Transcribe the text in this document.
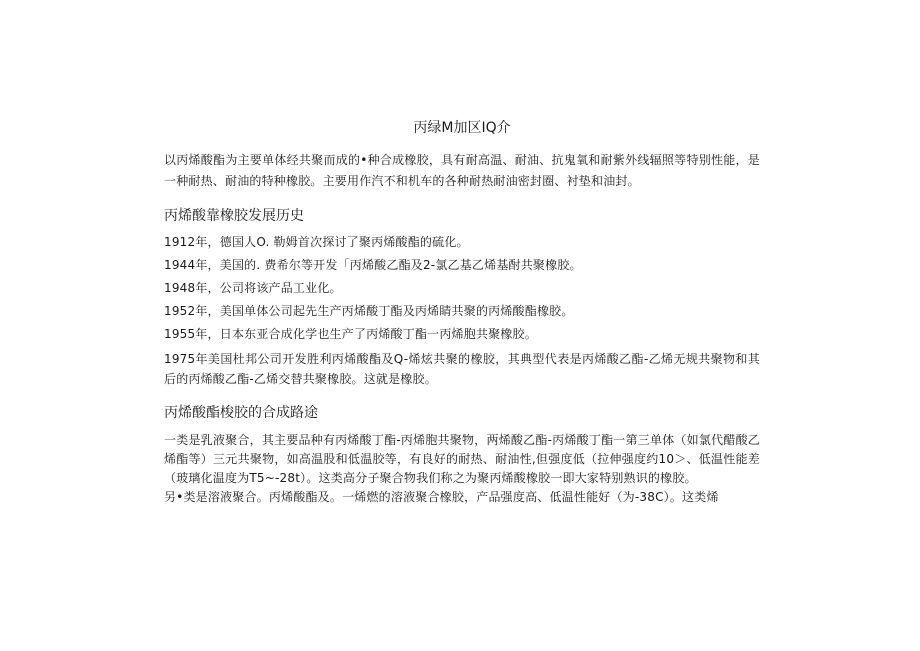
丙绿M加区IQ介

以丙烯酸酯为主要单体经共聚而成的•种合成橡胶，具有耐高温、耐油、抗鬼氧和耐紫外线辐照等特别性能，是一种耐热、耐油的特种橡胶。主要用作汽不和机车的各种耐热耐油密封圈、衬垫和油封。

丙烯酸靠橡胶发展历史

1912年，德国人O. 勒姆首次探讨了聚丙烯酸酯的硫化。

1944年，美国的. 费希尔等开发「丙烯酸乙酯及2-氯乙基乙烯基酎共聚橡胶。

1948年，公司将该产品工业化。

1952年，美国单体公司起先生产丙烯酸丁酯及丙烯睛共聚的丙烯酸酯橡胶。

1955年，日本东亚合成化学也生产了丙烯酸丁酯一丙烯胞共聚橡胶。

1975年美国杜邦公司开发胜利丙烯酸酯及Q-烯炫共聚的橡胶，其典型代表是丙烯酸乙酯-乙烯无规共聚物和其后的丙烯酸乙酯-乙烯交替共聚橡胶。这就是橡胶。

丙烯酸酯梭胶的合成路途

一类是乳液聚合，其主要品种有丙烯酸丁酯-丙烯胞共聚物，两烯酸乙酯-丙烯酸丁酯一第三单体（如氯代醋酸乙烯酯等）三元共聚物，如高温股和低温胶等，有良好的耐热、耐油性,但强度低（拉伸强度约10＞、低温性能差（玻璃化温度为T5~-28t）。这类高分子聚合物我们称之为聚丙烯酸橡胶一即大家特别熟识的橡胶。

另•类是溶液聚合。丙烯酸酯及。一烯燃的溶液聚合橡胶，产品强度高、低温性能好（为-38C）。这类烯
